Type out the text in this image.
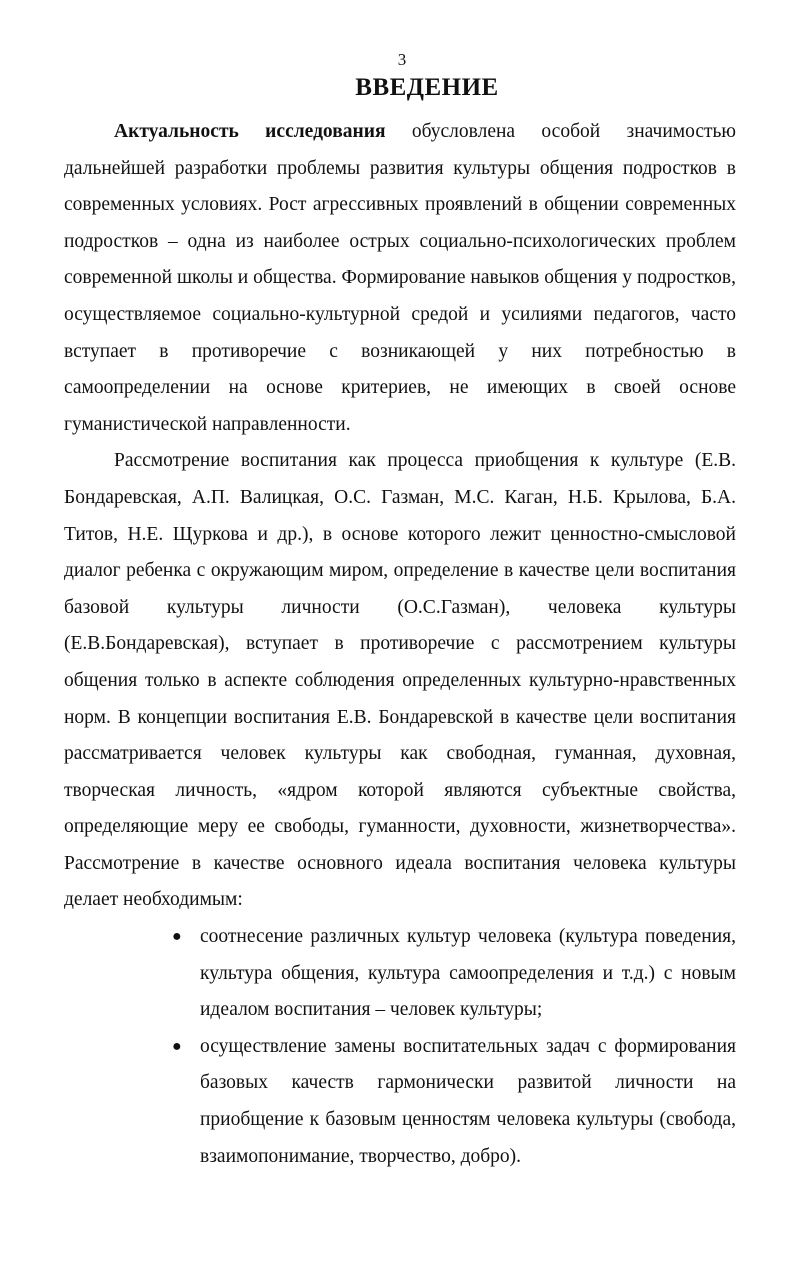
3
ВВЕДЕНИЕ

Актуальность исследования обусловлена особой значимостью дальнейшей разработки проблемы развития культуры общения подростков в современных условиях. Рост агрессивных проявлений в общении современных подростков – одна из наиболее острых социально-психологических проблем современной школы и общества. Формирование навыков общения у подростков, осуществляемое социально-культурной средой и усилиями педагогов, часто вступает в противоречие с возникающей у них потребностью в самоопределении на основе критериев, не имеющих в своей основе гуманистической направленности.

Рассмотрение воспитания как процесса приобщения к культуре (Е.В. Бондаревская, А.П. Валицкая, О.С. Газман, М.С. Каган, Н.Б. Крылова, Б.А. Титов, Н.Е. Щуркова и др.), в основе которого лежит ценностно-смысловой диалог ребенка с окружающим миром, определение в качестве цели воспитания базовой культуры личности (О.С.Газман), человека культуры (Е.В.Бондаревская), вступает в противоречие с рассмотрением культуры общения только в аспекте соблюдения определенных культурно-нравственных норм. В концепции воспитания Е.В. Бондаревской в качестве цели воспитания рассматривается человек культуры как свободная, гуманная, духовная, творческая личность, «ядром которой являются субъектные свойства, определяющие меру ее свободы, гуманности, духовности, жизнетворчества». Рассмотрение в качестве основного идеала воспитания человека культуры делает необходимым:

● соотнесение различных культур человека (культура поведения, культура общения, культура самоопределения и т.д.) с новым идеалом воспитания – человек культуры;
● осуществление замены воспитательных задач с формирования базовых качеств гармонически развитой личности на приобщение к базовым ценностям человека культуры (свобода, взаимопонимание, творчество, добро).
